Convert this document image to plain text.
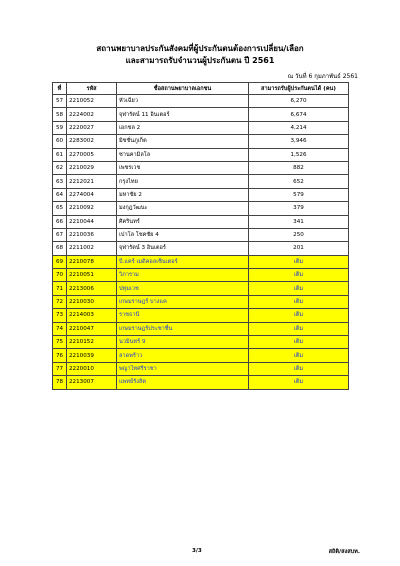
สถานพยาบาลประกันสังคมที่ผู้ประกันตนต้องการเปลี่ยน/เลือก
และสามารถรับจำนวนผู้ประกันตน ปี 2561
ณ วันที่ 6 กุมภาพันธ์ 2561
ที่	รหัส	ชื่อสถานพยาบาลเอกชน	สามารถรับผู้ประกันตนได้ (คน)
57	2210052	หัวเฉียว	6,270
58	2224002	จุฬารัตน์ 11 อินเตอร์	6,674
59	2220027	เอกชล 2	4,214
60	2283002	มิชชั่นภูเก็ต	3,946
61	2270005	ซานคามิลโล	1,526
62	2210029	เพชรเวช	882
63	2212021	กรุงไทย	652
64	2274004	มหาชัย 2	579
65	2210092	มงกุฎวัฒนะ	379
66	2210044	ศิครินทร์	341
67	2210036	เปาโล โชคชัย 4	250
68	2211002	จุฬารัตน์ 3 อินเตอร์	201
69	2210078	บี.แคร์ เมดิคอลเซ็นเตอร์	เต็ม
70	2210051	วิภาราม	เต็ม
71	2213006	ปทุมเวช	เต็ม
72	2210030	เกษมราษฎร์ บางแค	เต็ม
73	2214003	ราชธานี	เต็ม
74	2210047	เกษมราษฎร์ประชาชื่น	เต็ม
75	2210152	นวมินทร์ 9	เต็ม
76	2210039	ลาดพร้าว	เต็ม
77	2220010	พญาไทศรีราชา	เต็ม
78	2213007	แพทย์รังสิต	เต็ม
3/3	สถิติ/สงสบท.
